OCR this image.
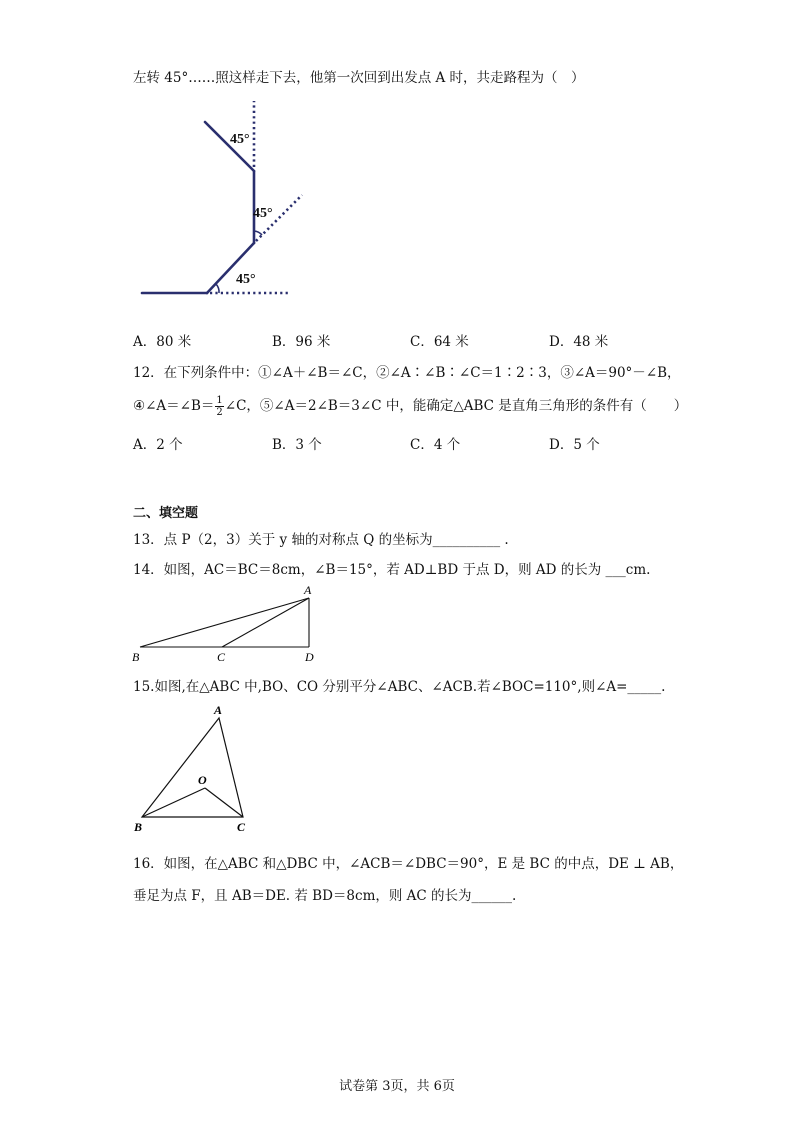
左转 45°……照这样走下去，他第一次回到出发点 A 时，共走路程为（　）
45°
45°
45°
A．80 米	B．96 米	C．64 米	D．48 米
12．在下列条件中：①∠A＋∠B＝∠C，②∠A∶∠B∶∠C＝1∶2∶3，③∠A＝90°－∠B，
④∠A＝∠B＝ $\frac{1}{2}$ ∠C，⑤∠A＝2∠B＝3∠C 中，能确定△ABC 是直角三角形的条件有（　　）
A．2 个	B．3 个	C．4 个	D．5 个
二、填空题
13．点 P（2，3）关于 y 轴的对称点 Q 的坐标为__________ .
14．如图，AC＝BC＝8cm，∠B＝15°，若 AD⊥BD 于点 D，则 AD 的长为 ___cm.
A
B	C	D
15.如图,在△ABC 中,BO、CO 分别平分∠ABC、∠ACB.若∠BOC=110°,则∠A=_____.
A
O
B	C
16．如图，在△ABC 和△DBC 中，∠ACB＝∠DBC＝90°，E 是 BC 的中点，DE ⊥ AB，
垂足为点 F，且 AB＝DE. 若 BD＝8cm，则 AC 的长为______.
试卷第 3页，共 6页
